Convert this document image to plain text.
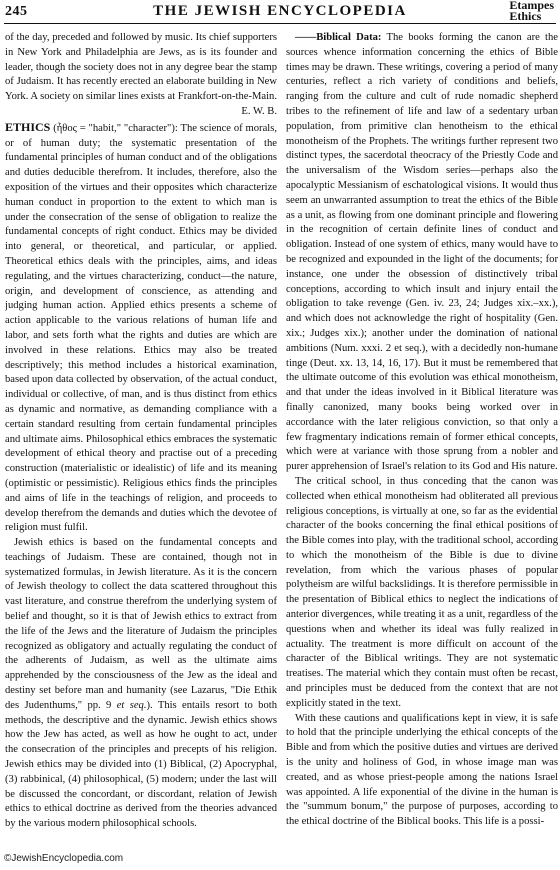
245	THE JEWISH ENCYCLOPEDIA	Etampes
Ethics

of the day, preceded and followed by music. Its chief supporters in New York and Philadelphia are Jews, as is its founder and leader, though the society does not in any degree bear the stamp of Judaism. It has recently erected an elaborate building in New York. A society on similar lines exists at Frankfort-on-the-Main.
E. W. B.

ETHICS (ἦθος = "habit," "character"): The science of morals, or of human duty; the systematic presentation of the fundamental principles of human conduct and of the obligations and duties deducible therefrom. It includes, therefore, also the exposition of the virtues and their opposites which characterize human conduct in proportion to the extent to which man is under the consecration of the sense of obligation to realize the fundamental concepts of right conduct. Ethics may be divided into general, or theoretical, and particular, or applied. Theoretical ethics deals with the principles, aims, and ideas regulating, and the virtues characterizing, conduct—the nature, origin, and development of conscience, as attending and judging human action. Applied ethics presents a scheme of action applicable to the various relations of human life and labor, and sets forth what the rights and duties are which are involved in these relations. Ethics may also be treated descriptively; this method includes a historical examination, based upon data collected by observation, of the actual conduct, individual or collective, of man, and is thus distinct from ethics as dynamic and normative, as demanding compliance with a certain standard resulting from certain fundamental principles and ultimate aims. Philosophical ethics embraces the systematic development of ethical theory and practise out of a preceding construction (materialistic or idealistic) of life and its meaning (optimistic or pessimistic). Religious ethics finds the principles and aims of life in the teachings of religion, and proceeds to develop therefrom the demands and duties which the devotee of religion must fulfil.

Jewish ethics is based on the fundamental concepts and teachings of Judaism. These are contained, though not in systematized formulas, in Jewish literature. As it is the concern of Jewish theology to collect the data scattered throughout this vast literature, and construe therefrom the underlying system of belief and thought, so it is that of Jewish ethics to extract from the life of the Jews and the literature of Judaism the principles recognized as obligatory and actually regulating the conduct of the adherents of Judaism, as well as the ultimate aims apprehended by the consciousness of the Jew as the ideal and destiny set before man and humanity (see Lazarus, "Die Ethik des Judenthums," pp. 9 et seq.). This entails resort to both methods, the descriptive and the dynamic. Jewish ethics shows how the Jew has acted, as well as how he ought to act, under the consecration of the principles and precepts of his religion. Jewish ethics may be divided into (1) Biblical, (2) Apocryphal, (3) rabbinical, (4) philosophical, (5) modern; under the last will be discussed the concordant, or discordant, relation of Jewish ethics to ethical doctrine as derived from the theories advanced by the various modern philosophical schools.

——Biblical Data: The books forming the canon are the sources whence information concerning the ethics of Bible times may be drawn. These writings, covering a period of many centuries, reflect a rich variety of conditions and beliefs, ranging from the culture and cult of rude nomadic shepherd tribes to the refinement of life and law of a sedentary urban population, from primitive clan henotheism to the ethical monotheism of the Prophets. The writings further represent two distinct types, the sacerdotal theocracy of the Priestly Code and the universalism of the Wisdom series—perhaps also the apocalyptic Messianism of eschatological visions. It would thus seem an unwarranted assumption to treat the ethics of the Bible as a unit, as flowing from one dominant principle and flowering in the recognition of certain definite lines of conduct and obligation. Instead of one system of ethics, many would have to be recognized and expounded in the light of the documents; for instance, one under the obsession of distinctively tribal conceptions, according to which insult and injury entail the obligation to take revenge (Gen. iv. 23, 24; Judges xix.–xx.), and which does not acknowledge the right of hospitality (Gen. xix.; Judges xix.); another under the domination of national ambitions (Num. xxxi. 2 et seq.), with a decidedly non-humane tinge (Deut. xx. 13, 14, 16, 17). But it must be remembered that the ultimate outcome of this evolution was ethical monotheism, and that under the ideas involved in it Biblical literature was finally canonized, many books being worked over in accordance with the later religious conviction, so that only a few fragmentary indications remain of former ethical concepts, which were at variance with those sprung from a nobler and purer apprehension of Israel's relation to its God and His nature.

The critical school, in thus conceding that the canon was collected when ethical monotheism had obliterated all previous religious conceptions, is virtually at one, so far as the evidential character of the books concerning the final ethical positions of the Bible comes into play, with the traditional school, according to which the monotheism of the Bible is due to divine revelation, from which the various phases of popular polytheism are wilful backslidings. It is therefore permissible in the presentation of Biblical ethics to neglect the indications of anterior divergences, while treating it as a unit, regardless of the questions when and whether its ideal was fully realized in actuality. The treatment is more difficult on account of the character of the Biblical writings. They are not systematic treatises. The material which they contain must often be recast, and principles must be deduced from the context that are not explicitly stated in the text.

With these cautions and qualifications kept in view, it is safe to hold that the principle underlying the ethical concepts of the Bible and from which the positive duties and virtues are derived is the unity and holiness of God, in whose image man was created, and as whose priest-people among the nations Israel was appointed. A life exponential of the divine in the human is the "summum bonum," the purpose of purposes, according to the ethical doctrine of the Biblical books. This life is a possi-

©JewishEncyclopedia.com
